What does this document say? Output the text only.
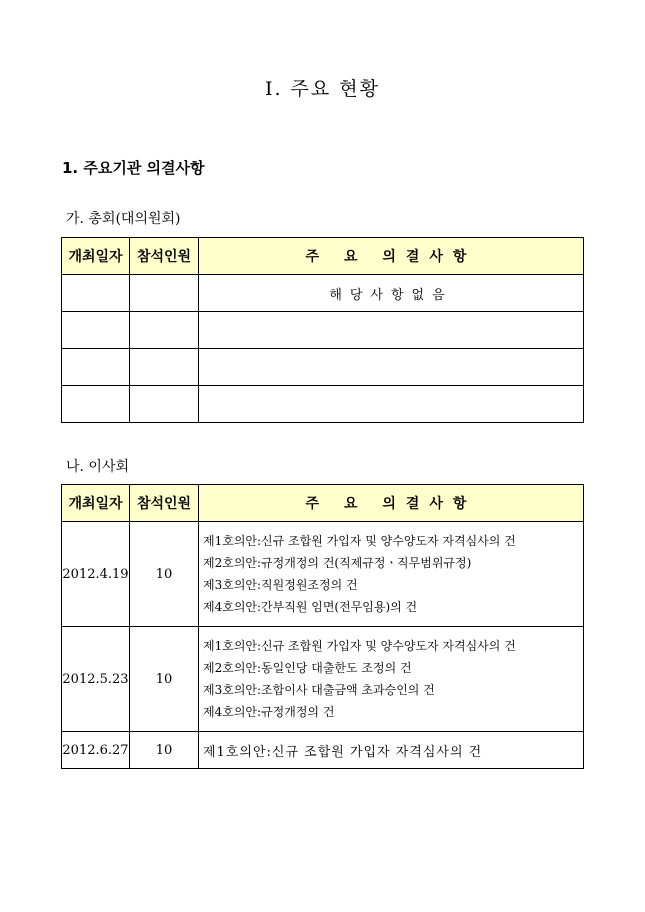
Ⅰ. 주요 현황
1. 주요기관 의결사항
가. 총회(대의원회)
개최일자	참석인원	주 요 의결사항
		해당사항없음

나. 이사회
개최일자	참석인원	주 요 의결사항
2012.4.19	10	제1호의안:신규 조합원 가입자 및 양수양도자 자격심사의 건
제2호의안:규정개정의 건(직제규정ㆍ직무범위규정)
제3호의안:직원정원조정의 건
제4호의안:간부직원 임면(전무임용)의 건

2012.5.23	10	제1호의안:신규 조합원 가입자 및 양수양도자 자격심사의 건
제2호의안:동일인당 대출한도 조정의 건
제3호의안:조합이사 대출금액 초과승인의 건
제4호의안:규정개정의 건

2012.6.27	10	제1호의안:신규 조합원 가입자 자격심사의 건
